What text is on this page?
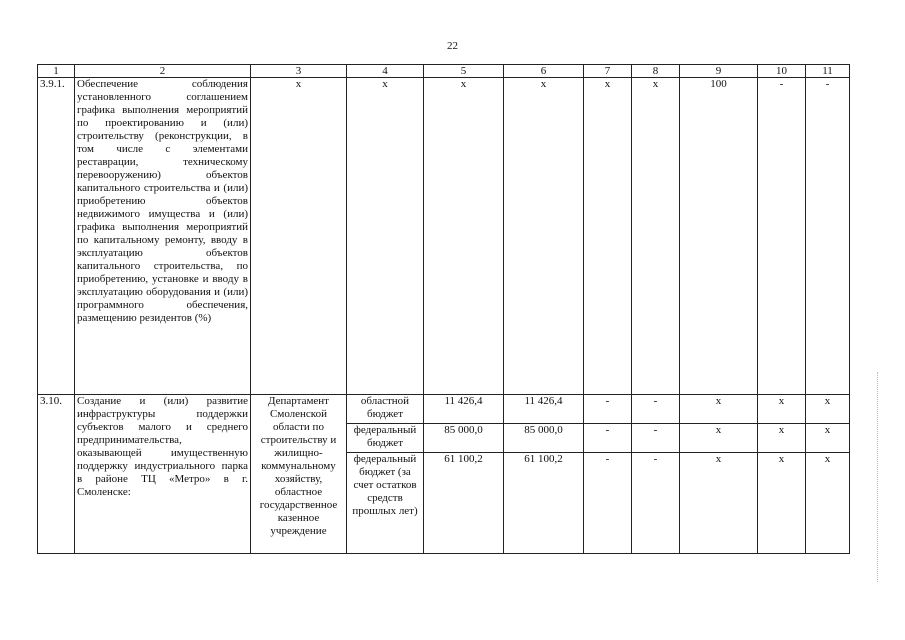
22
1	2	3	4	5	6	7	8	9	10	11
3.9.1.	Обеспечение соблюдения установленного соглашением графика выполнения мероприятий по проектированию и (или) строительству (реконструкции, в том числе с элементами реставрации, техническому перевооружению) объектов капитального строительства и (или) приобретению объектов недвижимого имущества и (или) графика выполнения мероприятий по капитальному ремонту, вводу в эксплуатацию объектов капитального строительства, по приобретению, установке и вводу в эксплуатацию оборудования и (или) программного обеспечения, размещению резидентов (%)	х	х	х	х	х	х	100	-	-
3.10.	Создание и (или) развитие инфраструктуры поддержки субъектов малого и среднего предпринимательства, оказывающей имущественную поддержку индустриального парка в районе ТЦ «Метро» в г. Смоленске:	Департамент Смоленской области по строительству и жилищно-коммунальному хозяйству, областное государственное казенное учреждение	областной бюджет	11 426,4	11 426,4	-	-	х	х	х
			федеральный бюджет	85 000,0	85 000,0	-	-	х	х	х
			федеральный бюджет (за счет остатков средств прошлых лет)	61 100,2	61 100,2	-	-	х	х	х
